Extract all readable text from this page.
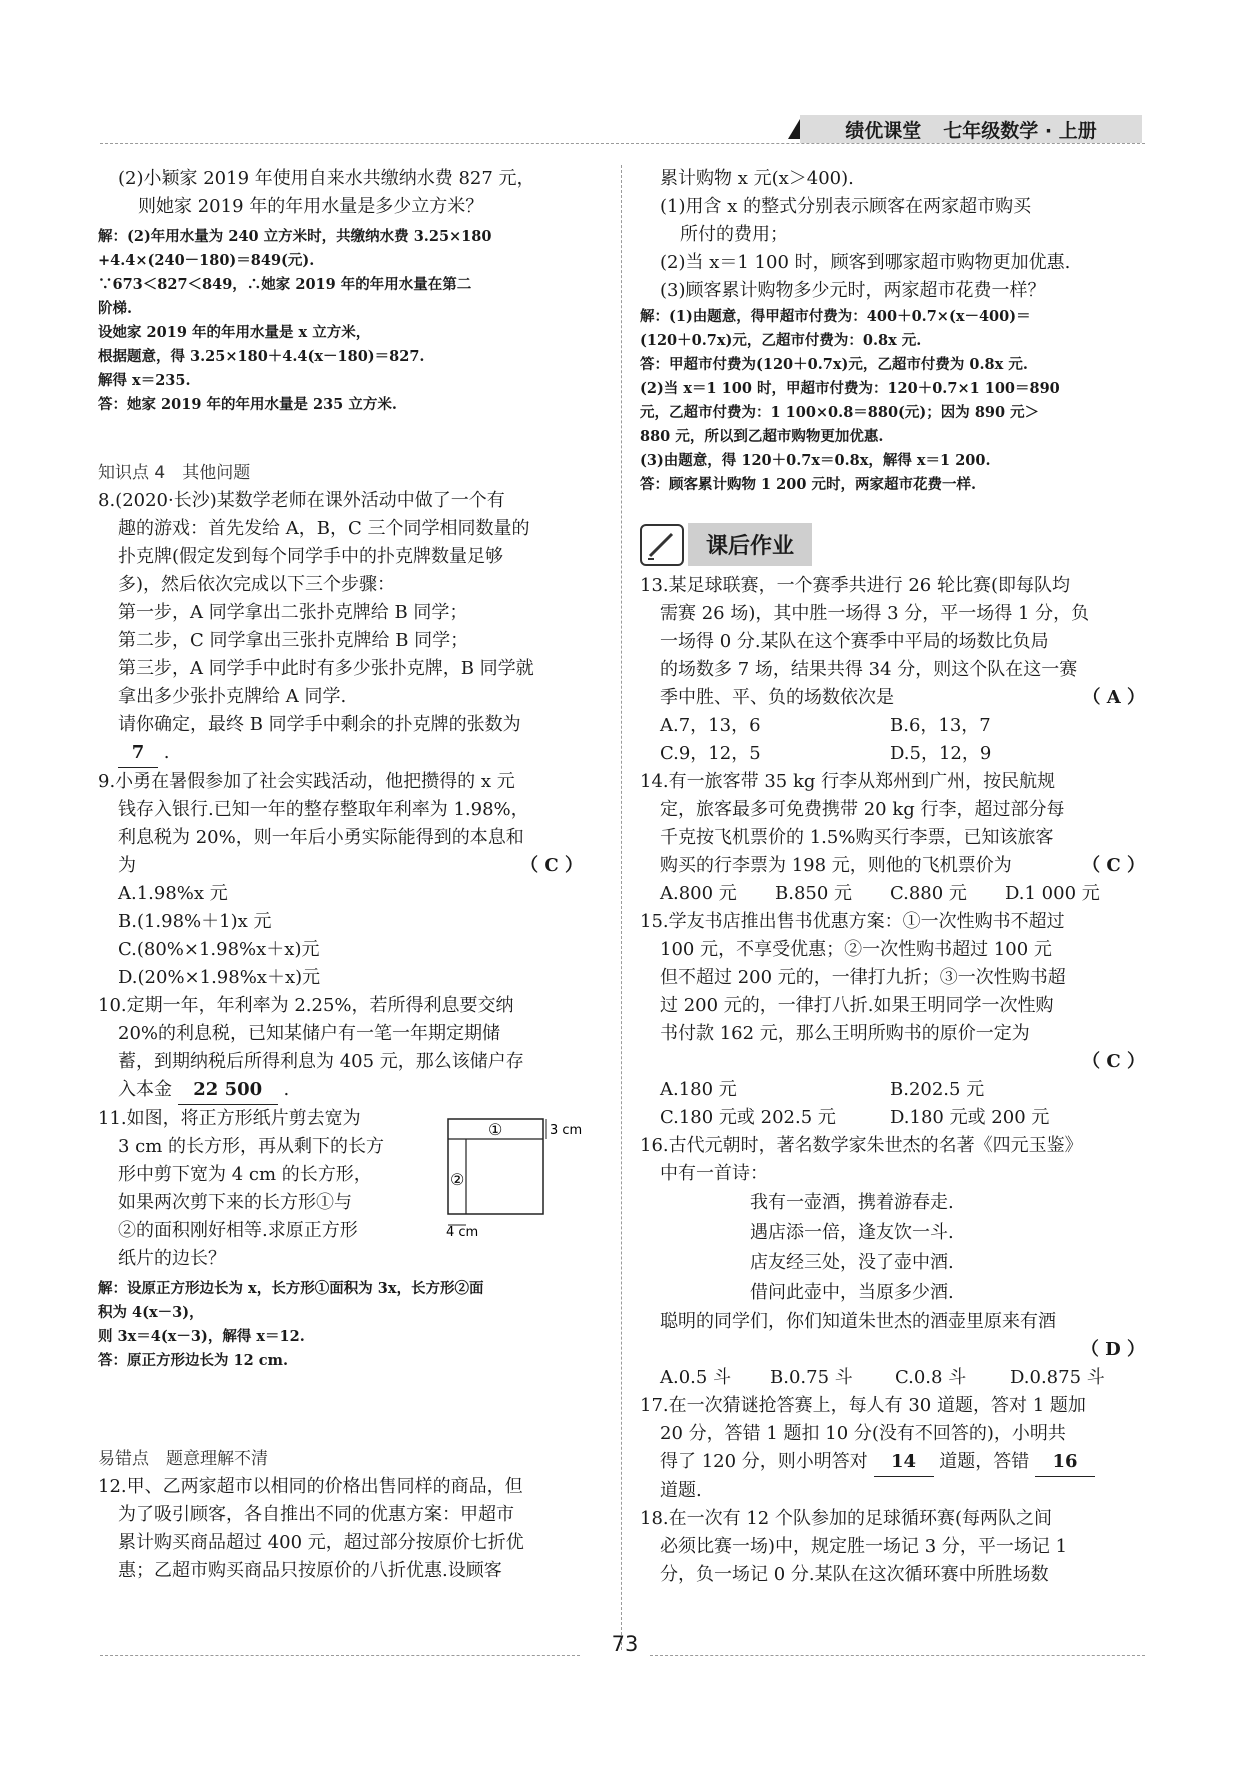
绩优课堂 七年级数学 · 上册
(2)小颖家 2019 年使用自来水共缴纳水费 827 元，
则她家 2019 年的年用水量是多少立方米？
解：(2)年用水量为 240 立方米时，共缴纳水费 3.25×180
+4.4×(240－180)＝849(元).
∵673＜827＜849，∴她家 2019 年的年用水量在第二
阶梯.
设她家 2019 年的年用水量是 x 立方米，
根据题意，得 3.25×180＋4.4(x－180)＝827.
解得 x＝235.
答：她家 2019 年的年用水量是 235 立方米.
知识点 4　其他问题
8.(2020·长沙)某数学老师在课外活动中做了一个有
趣的游戏：首先发给 A，B，C 三个同学相同数量的
扑克牌(假定发到每个同学手中的扑克牌数量足够
多)，然后依次完成以下三个步骤：
第一步，A 同学拿出二张扑克牌给 B 同学；
第二步，C 同学拿出三张扑克牌给 B 同学；
第三步，A 同学手中此时有多少张扑克牌，B 同学就
拿出多少张扑克牌给 A 同学.
请你确定，最终 B 同学手中剩余的扑克牌的张数为
7 .
9.小勇在暑假参加了社会实践活动，他把攒得的 x 元
钱存入银行.已知一年的整存整取年利率为 1.98%，
利息税为 20%，则一年后小勇实际能得到的本息和
为	（ C ）
A.1.98%x 元
B.(1.98%＋1)x 元
C.(80%×1.98%x＋x)元
D.(20%×1.98%x＋x)元
10.定期一年，年利率为 2.25%，若所得利息要交纳
20%的利息税，已知某储户有一笔一年期定期储
蓄，到期纳税后所得利息为 405 元，那么该储户存
入本金 22 500 .
11.如图，将正方形纸片剪去宽为
3 cm 的长方形，再从剩下的长方
形中剪下宽为 4 cm 的长方形，
如果两次剪下来的长方形①与
②的面积刚好相等.求原正方形
纸片的边长？
①
②
3 cm
4 cm
解：设原正方形边长为 x，长方形①面积为 3x，长方形②面
积为 4(x－3)，
则 3x＝4(x－3)，解得 x＝12.
答：原正方形边长为 12 cm.
易错点　题意理解不清
12.甲、乙两家超市以相同的价格出售同样的商品，但
为了吸引顾客，各自推出不同的优惠方案：甲超市
累计购买商品超过 400 元，超过部分按原价七折优
惠；乙超市购买商品只按原价的八折优惠.设顾客
累计购物 x 元(x＞400).
(1)用含 x 的整式分别表示顾客在两家超市购买
所付的费用；
(2)当 x＝1 100 时，顾客到哪家超市购物更加优惠.
(3)顾客累计购物多少元时，两家超市花费一样？
解：(1)由题意，得甲超市付费为：400＋0.7×(x－400)＝
(120＋0.7x)元，乙超市付费为：0.8x 元.
答：甲超市付费为(120＋0.7x)元，乙超市付费为 0.8x 元.
(2)当 x＝1 100 时，甲超市付费为：120＋0.7×1 100＝890
元，乙超市付费为：1 100×0.8＝880(元)；因为 890 元＞
880 元，所以到乙超市购物更加优惠.
(3)由题意，得 120＋0.7x＝0.8x，解得 x＝1 200.
答：顾客累计购物 1 200 元时，两家超市花费一样.
课后作业
13.某足球联赛，一个赛季共进行 26 轮比赛(即每队均
需赛 26 场)，其中胜一场得 3 分，平一场得 1 分，负
一场得 0 分.某队在这个赛季中平局的场数比负局
的场数多 7 场，结果共得 34 分，则这个队在这一赛
季中胜、平、负的场数依次是	（ A ）
A.7，13，6	B.6，13，7
C.9，12，5	D.5，12，9
14.有一旅客带 35 kg 行李从郑州到广州，按民航规
定，旅客最多可免费携带 20 kg 行李，超过部分每
千克按飞机票价的 1.5%购买行李票，已知该旅客
购买的行李票为 198 元，则他的飞机票价为	（ C ）
A.800 元	B.850 元	C.880 元	D.1 000 元
15.学友书店推出售书优惠方案：①一次性购书不超过
100 元，不享受优惠；②一次性购书超过 100 元
但不超过 200 元的，一律打九折；③一次性购书超
过 200 元的，一律打八折.如果王明同学一次性购
书付款 162 元，那么王明所购书的原价一定为

（ C ）
A.180 元	B.202.5 元
C.180 元或 202.5 元	D.180 元或 200 元
16.古代元朝时，著名数学家朱世杰的名著《四元玉鉴》
中有一首诗：
我有一壶酒，携着游春走.
遇店添一倍，逢友饮一斗.
店友经三处，没了壶中酒.
借问此壶中，当原多少酒.
聪明的同学们，你们知道朱世杰的酒壶里原来有酒

（ D ）
A.0.5 斗	B.0.75 斗	C.0.8 斗	D.0.875 斗
17.在一次猜谜抢答赛上，每人有 30 道题，答对 1 题加
20 分，答错 1 题扣 10 分(没有不回答的)，小明共
得了 120 分，则小明答对 14 道题，答错 16
道题.
18.在一次有 12 个队参加的足球循环赛(每两队之间
必须比赛一场)中，规定胜一场记 3 分，平一场记 1
分，负一场记 0 分.某队在这次循环赛中所胜场数
73
